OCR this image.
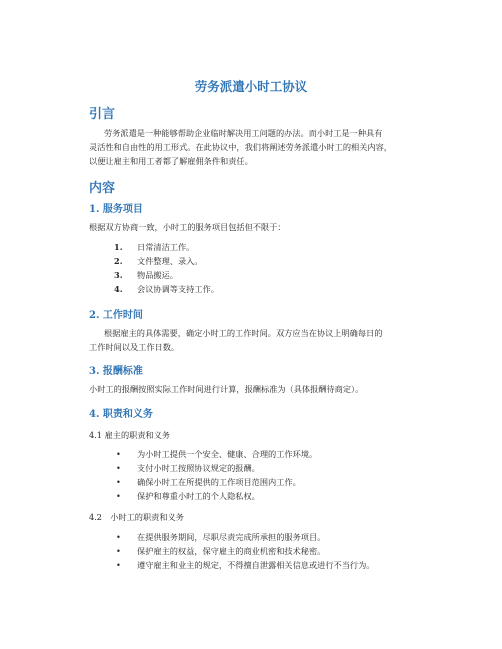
劳务派遣小时工协议
引言
劳务派遣是一种能够帮助企业临时解决用工问题的办法。而小时工是一种具有
灵活性和自由性的用工形式。在此协议中，我们将阐述劳务派遣小时工的相关内容，
以便让雇主和用工者都了解雇佣条件和责任。
内容
1. 服务项目
根据双方协商一致，小时工的服务项目包括但不限于：
1. 日常清洁工作。
2. 文件整理、录入。
3. 物品搬运。
4. 会议协调等支持工作。
2. 工作时间
根据雇主的具体需要，确定小时工的工作时间。双方应当在协议上明确每日的
工作时间以及工作日数。
3. 报酬标准
小时工的报酬按照实际工作时间进行计算，报酬标准为（具体报酬待商定）。
4. 职责和义务
4.1 雇主的职责和义务
• 为小时工提供一个安全、健康、合理的工作环境。
• 支付小时工按照协议规定的报酬。
• 确保小时工在所提供的工作项目范围内工作。
• 保护和尊重小时工的个人隐私权。
4.2　小时工的职责和义务
• 在提供服务期间，尽职尽责完成所承担的服务项目。
• 保护雇主的权益，保守雇主的商业机密和技术秘密。
• 遵守雇主和业主的规定，不得擅自泄露相关信息或进行不当行为。
